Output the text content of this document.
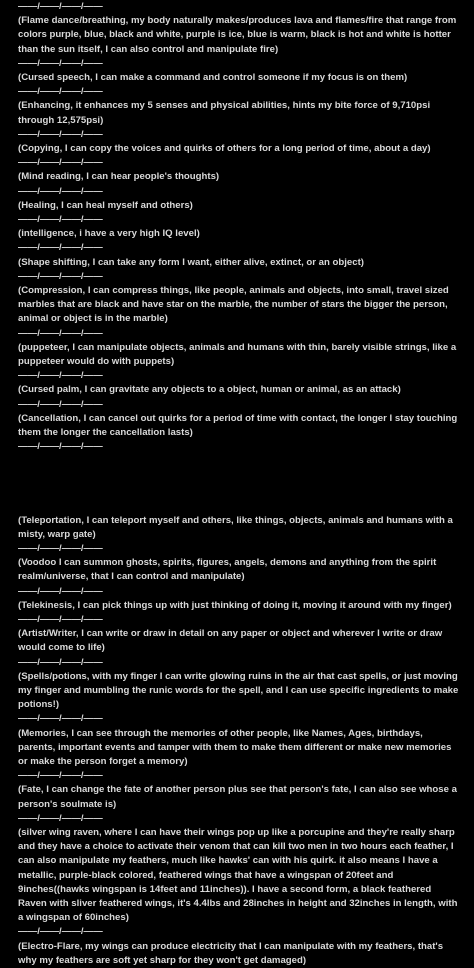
——/——/——/——

(Flame dance/breathing, my body naturally makes/produces lava and flames/fire that range from colors purple, blue, black and white, purple is ice, blue is warm, black is hot and white is hotter than the sun itself, I can also control and manipulate fire)

——/——/——/——

(Cursed speech, I can make a command and control someone if my focus is on them)

——/——/——/——

(Enhancing, it enhances my 5 senses and physical abilities, hints my bite force of 9,710psi through 12,575psi)

——/——/——/——

(Copying, I can copy the voices and quirks of others for a long period of time, about a day)

——/——/——/——

(Mind reading, I can hear people's thoughts)

——/——/——/——

(Healing, I can heal myself and others)

——/——/——/——

(intelligence, i have a very high IQ level)

——/——/——/——

(Shape shifting, I can take any form I want, either alive, extinct, or an object)

——/——/——/——

(Compression, I can compress things, like people, animals and objects, into small, travel sized marbles that are black and have star on the marble, the number of stars the bigger the person, animal or object is in the marble)

——/——/——/——

(puppeteer, I can manipulate objects, animals and humans with thin, barely visible strings, like a puppeteer would do with puppets)

——/——/——/——

(Cursed palm, I can gravitate any objects to a object, human or animal, as an attack)

——/——/——/——

(Cancellation, I can cancel out quirks for a period of time with contact, the longer I stay touching them the longer the cancellation lasts)

——/——/——/——

(Teleportation, I can teleport myself and others, like things, objects, animals and humans with a misty, warp gate)

——/——/——/——

(Voodoo I can summon ghosts, spirits, figures, angels, demons and anything from the spirit realm/universe, that I can control and manipulate)

——/——/——/——

(Telekinesis, I can pick things up with just thinking of doing it, moving it around with my finger)

——/——/——/——

(Artist/Writer, I can write or draw in detail on any paper or object and wherever I write or draw would come to life)

——/——/——/——

(Spells/potions, with my finger I can write glowing ruins in the air that cast spells, or just moving my finger and mumbling the runic words for the spell, and I can use specific ingredients to make potions!)

——/——/——/——

(Memories, I can see through the memories of other people, like Names, Ages, birthdays, parents, important events and tamper with them to make them different or make new memories or make the person forget a memory)

——/——/——/——

(Fate, I can change the fate of another person plus see that person's fate, I can also see whose a person's soulmate is)

——/——/——/——

(silver wing raven, where I can have their wings pop up like a porcupine and they're really sharp and they have a choice to activate their venom that can kill two men in two hours each feather, I can also manipulate my feathers, much like hawks' can with his quirk. it also means I have a metallic, purple-black colored, feathered wings that have a wingspan of 20feet and 9inches((hawks wingspan is 14feet and 11inches)). I have a second form, a black feathered Raven with sliver feathered wings, it's 4.4lbs and 28inches in height and 32inches in length, with a wingspan of 60inches)

——/——/——/——

(Electro-Flare, my wings can produce electricity that I can manipulate with my feathers, that's why my feathers are soft yet sharp for they won't get damaged)
